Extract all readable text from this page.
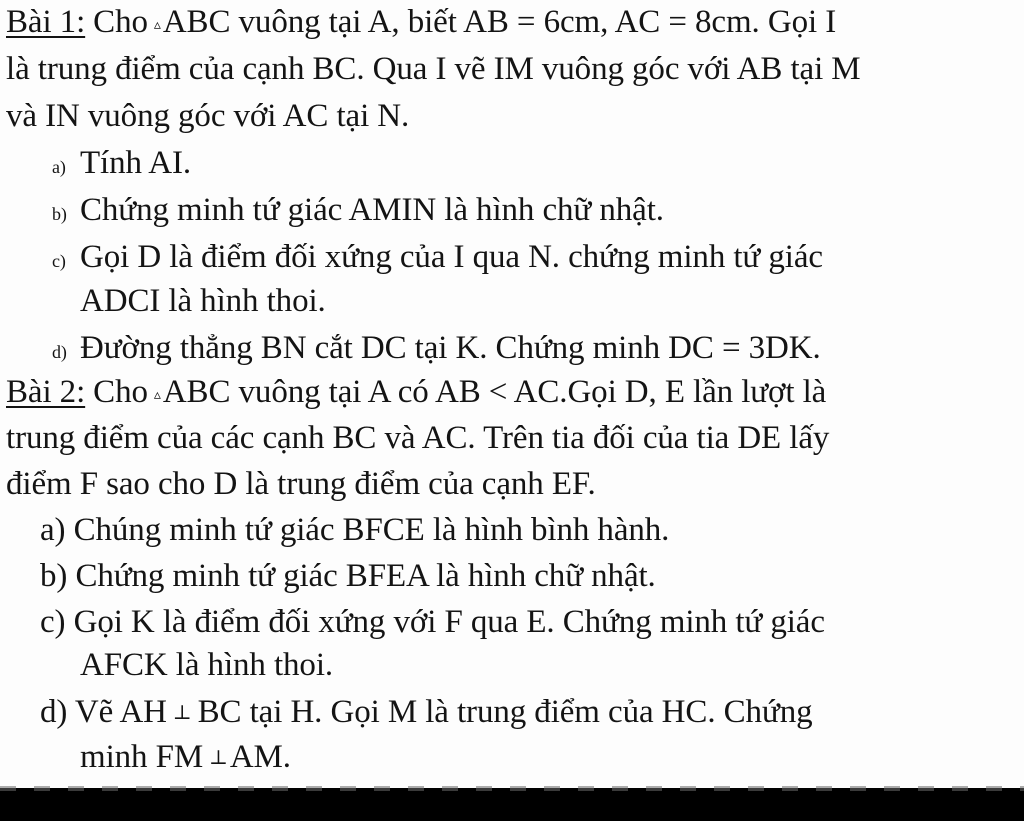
Bài 1: Cho ▵ABC vuông tại A, biết AB = 6cm, AC = 8cm. Gọi I
là trung điểm của cạnh BC. Qua I vẽ IM vuông góc với AB tại M
và IN vuông góc với AC tại N.
a) Tính AI.
b) Chứng minh tứ giác AMIN là hình chữ nhật.
c) Gọi D là điểm đối xứng của I qua N. chứng minh tứ giác
ADCI là hình thoi.
d) Đường thẳng BN cắt DC tại K. Chứng minh DC = 3DK.
Bài 2: Cho ▵ABC vuông tại A có AB < AC.Gọi D, E lần lượt là
trung điểm của các cạnh BC và AC. Trên tia đối của tia DE lấy
điểm F sao cho D là trung điểm của cạnh EF.
a) Chúng minh tứ giác BFCE là hình bình hành.
b) Chứng minh tứ giác BFEA là hình chữ nhật.
c) Gọi K là điểm đối xứng với F qua E. Chứng minh tứ giác
AFCK là hình thoi.
d) Vẽ AH ⊥ BC tại H. Gọi M là trung điểm của HC. Chứng
minh FM ⊥AM.
